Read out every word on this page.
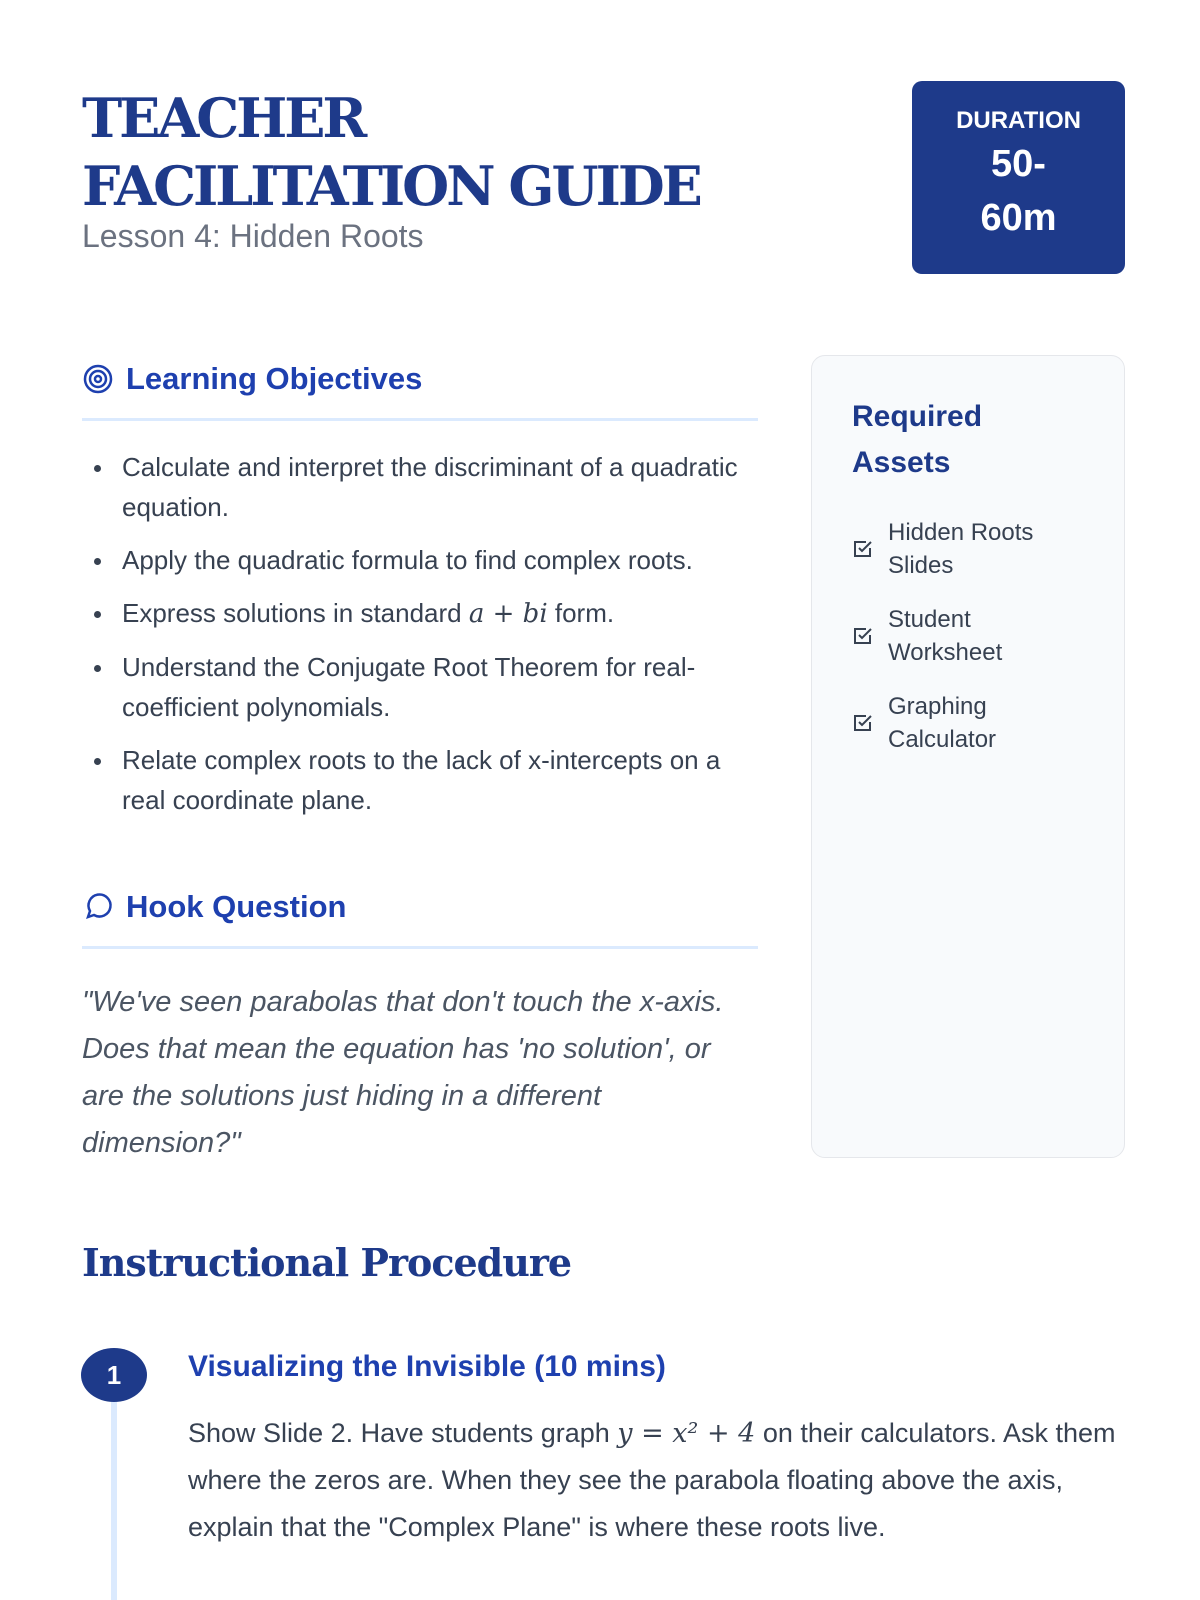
TEACHER FACILITATION GUIDE
Lesson 4: Hidden Roots
DURATION
50-60m
Learning Objectives
Calculate and interpret the discriminant of a quadratic equation.
Apply the quadratic formula to find complex roots.
Express solutions in standard a + bi form.
Understand the Conjugate Root Theorem for real-coefficient polynomials.
Relate complex roots to the lack of x-intercepts on a real coordinate plane.
Hook Question

"We've seen parabolas that don't touch the x-axis. Does that mean the equation has 'no solution', or are the solutions just hiding in a different dimension?"

Required Assets
Hidden Roots Slides
Student Worksheet
Graphing Calculator
Instructional Procedure
1	Visualizing the Invisible (10 mins)

Show Slide 2. Have students graph y = x² + 4 on their calculators. Ask them where the zeros are. When they see the parabola floating above the axis, explain that the "Complex Plane" is where these roots live.
